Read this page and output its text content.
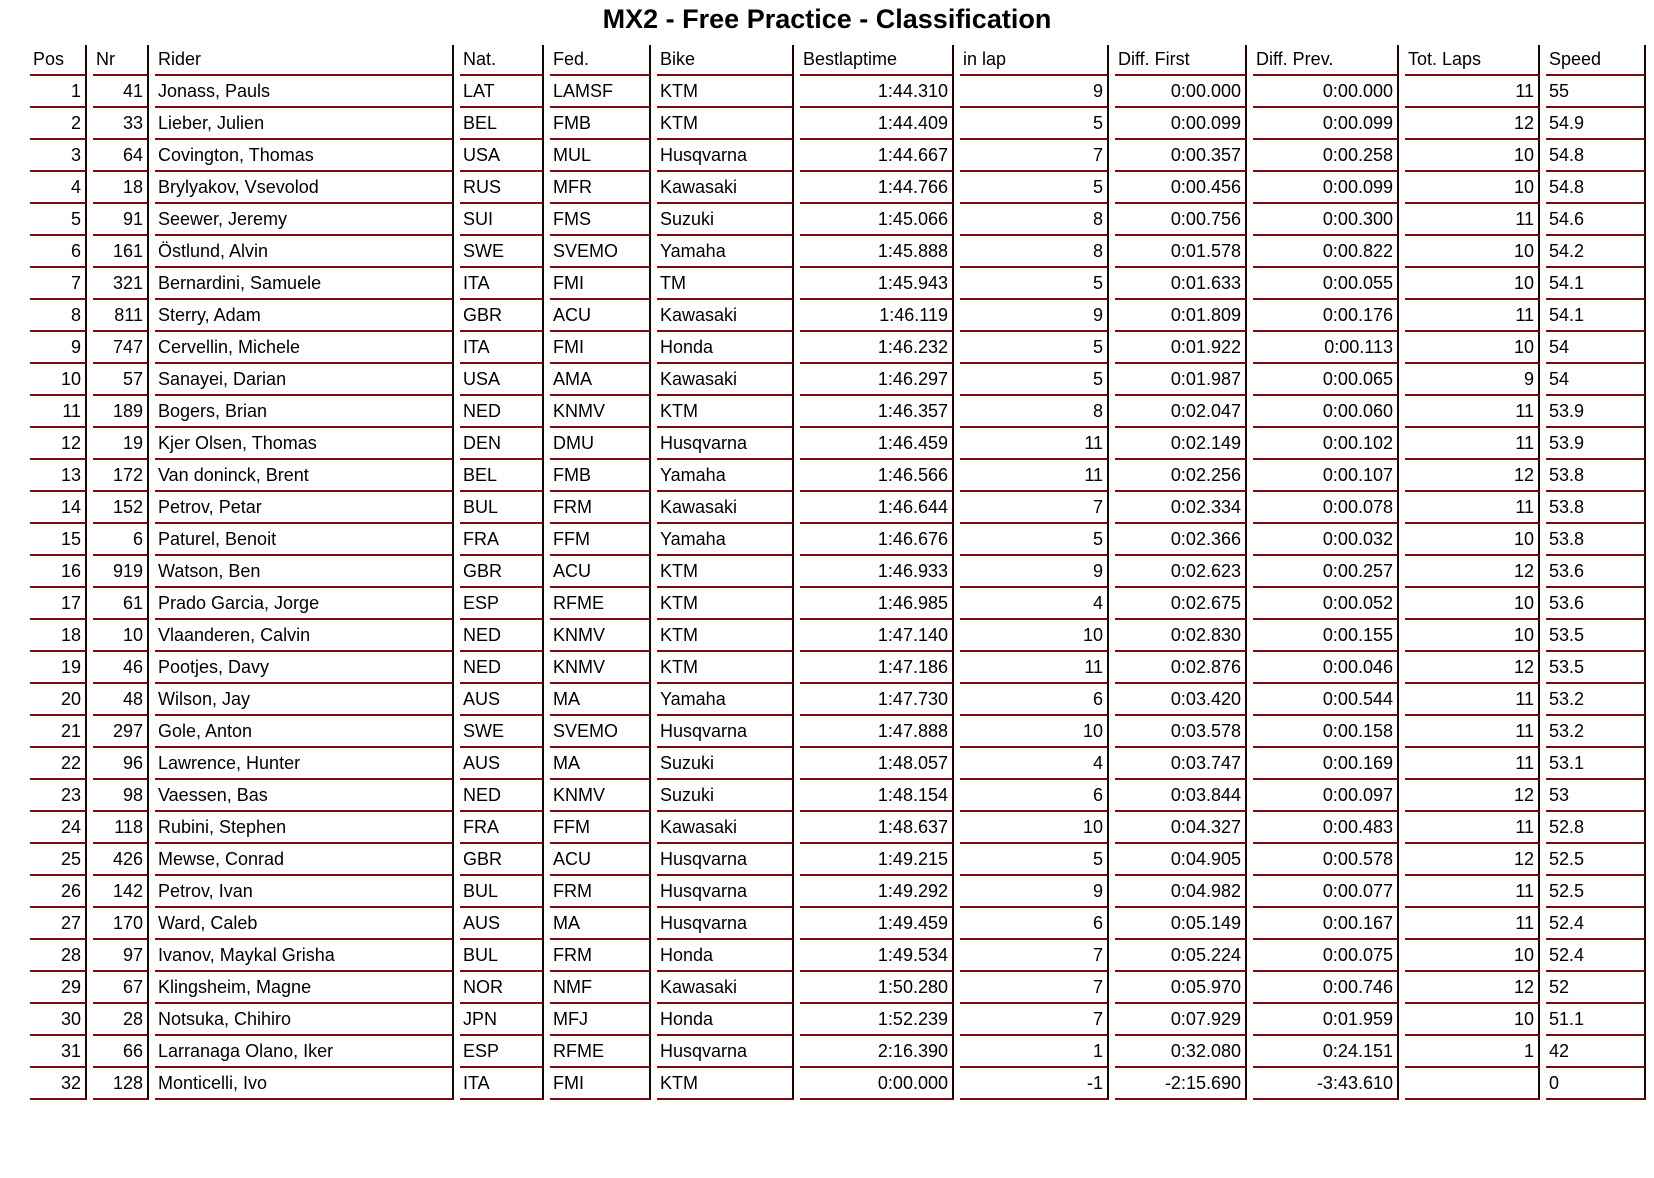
MX2 - Free Practice - Classification
Pos	Nr	Rider	Nat.	Fed.	Bike	Bestlaptime	in lap	Diff. First	Diff. Prev.	Tot. Laps	Speed
1	41	Jonass, Pauls	LAT	LAMSF	KTM	1:44.310	9	0:00.000	0:00.000	11	55
2	33	Lieber, Julien	BEL	FMB	KTM	1:44.409	5	0:00.099	0:00.099	12	54.9
3	64	Covington, Thomas	USA	MUL	Husqvarna	1:44.667	7	0:00.357	0:00.258	10	54.8
4	18	Brylyakov, Vsevolod	RUS	MFR	Kawasaki	1:44.766	5	0:00.456	0:00.099	10	54.8
5	91	Seewer, Jeremy	SUI	FMS	Suzuki	1:45.066	8	0:00.756	0:00.300	11	54.6
6	161	Östlund, Alvin	SWE	SVEMO	Yamaha	1:45.888	8	0:01.578	0:00.822	10	54.2
7	321	Bernardini, Samuele	ITA	FMI	TM	1:45.943	5	0:01.633	0:00.055	10	54.1
8	811	Sterry, Adam	GBR	ACU	Kawasaki	1:46.119	9	0:01.809	0:00.176	11	54.1
9	747	Cervellin, Michele	ITA	FMI	Honda	1:46.232	5	0:01.922	0:00.113	10	54
10	57	Sanayei, Darian	USA	AMA	Kawasaki	1:46.297	5	0:01.987	0:00.065	9	54
11	189	Bogers, Brian	NED	KNMV	KTM	1:46.357	8	0:02.047	0:00.060	11	53.9
12	19	Kjer Olsen, Thomas	DEN	DMU	Husqvarna	1:46.459	11	0:02.149	0:00.102	11	53.9
13	172	Van doninck, Brent	BEL	FMB	Yamaha	1:46.566	11	0:02.256	0:00.107	12	53.8
14	152	Petrov, Petar	BUL	FRM	Kawasaki	1:46.644	7	0:02.334	0:00.078	11	53.8
15	6	Paturel, Benoit	FRA	FFM	Yamaha	1:46.676	5	0:02.366	0:00.032	10	53.8
16	919	Watson, Ben	GBR	ACU	KTM	1:46.933	9	0:02.623	0:00.257	12	53.6
17	61	Prado Garcia, Jorge	ESP	RFME	KTM	1:46.985	4	0:02.675	0:00.052	10	53.6
18	10	Vlaanderen, Calvin	NED	KNMV	KTM	1:47.140	10	0:02.830	0:00.155	10	53.5
19	46	Pootjes, Davy	NED	KNMV	KTM	1:47.186	11	0:02.876	0:00.046	12	53.5
20	48	Wilson, Jay	AUS	MA	Yamaha	1:47.730	6	0:03.420	0:00.544	11	53.2
21	297	Gole, Anton	SWE	SVEMO	Husqvarna	1:47.888	10	0:03.578	0:00.158	11	53.2
22	96	Lawrence, Hunter	AUS	MA	Suzuki	1:48.057	4	0:03.747	0:00.169	11	53.1
23	98	Vaessen, Bas	NED	KNMV	Suzuki	1:48.154	6	0:03.844	0:00.097	12	53
24	118	Rubini, Stephen	FRA	FFM	Kawasaki	1:48.637	10	0:04.327	0:00.483	11	52.8
25	426	Mewse, Conrad	GBR	ACU	Husqvarna	1:49.215	5	0:04.905	0:00.578	12	52.5
26	142	Petrov, Ivan	BUL	FRM	Husqvarna	1:49.292	9	0:04.982	0:00.077	11	52.5
27	170	Ward, Caleb	AUS	MA	Husqvarna	1:49.459	6	0:05.149	0:00.167	11	52.4
28	97	Ivanov, Maykal Grisha	BUL	FRM	Honda	1:49.534	7	0:05.224	0:00.075	10	52.4
29	67	Klingsheim, Magne	NOR	NMF	Kawasaki	1:50.280	7	0:05.970	0:00.746	12	52
30	28	Notsuka, Chihiro	JPN	MFJ	Honda	1:52.239	7	0:07.929	0:01.959	10	51.1
31	66	Larranaga Olano, Iker	ESP	RFME	Husqvarna	2:16.390	1	0:32.080	0:24.151	1	42
32	128	Monticelli, Ivo	ITA	FMI	KTM	0:00.000	-1	-2:15.690	-3:43.610		0
